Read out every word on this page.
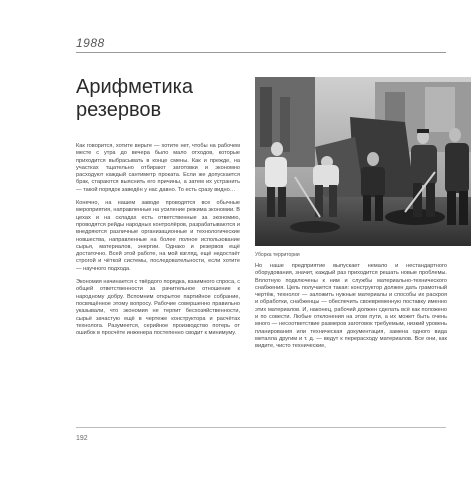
1988
Арифметика
резервов

Как говорится, хотите верьте — хотите нет, чтобы на рабочем месте с утра до вечера было мало отходов, которые приходится выбрасывать в конце смены. Как и прежде, на участках тщательно отбирают заготовки и экономно расходуют каждый сантиметр проката. Если же допускается брак, стараются выяснить его причины, а затем их устранить — такой порядок заведён у нас давно. То есть сразу видно…

Конечно, на нашем заводе проводятся все обычные мероприятия, направленные на усиление режима экономии. В цехах и на складах есть ответственные за экономию, проводятся рейды народных контролёров, разрабатываются и внедряются различные организационные и технологические новшества, направленные на более полное использование сырья, материалов, энергии. Однако и резервов ещё достаточно. Всей этой работе, на мой взгляд, ещё недостаёт строгой и чёткой системы, последовательности, если хотите — научного подхода.

Экономия начинается с твёрдого порядка, взаимного спроса, с общей ответственности за рачительное отношение к народному добру. Вспомним открытое партийное собрание, посвящённое этому вопросу. Рабочие совершенно правильно указывали, что экономия не терпит бесхозяйственности, сырьё зачастую ещё в чертеже конструктора и расчётах технолога. Разумеется, серийное производство потерь от ошибок в просчёте инженера постепенно сводит к минимуму.

Уборка территории

Но наше предприятие выпускает немало и нестандартного оборудования, значит, каждый раз приходится решать новые проблемы. Вплотную подключены к ним и службы материально-технического снабжения. Цель получается такая: конструктор должен дать грамотный чертёж, технолог — заложить нужные материалы и способы их раскроя и обработки, снабженцы — обеспечить своевременную поставку именно этих материалов. И, наконец, рабочий должен сделать всё как положено и по совести. Любые отклонения на этом пути, а их может быть очень много — несоответствие размеров заготовок требуемым, низкий уровень планирования или техническая документация, замена одного вида металла другим и т. д. — ведут к перерасходу материалов. Все они, как видите, чисто технические,

192
